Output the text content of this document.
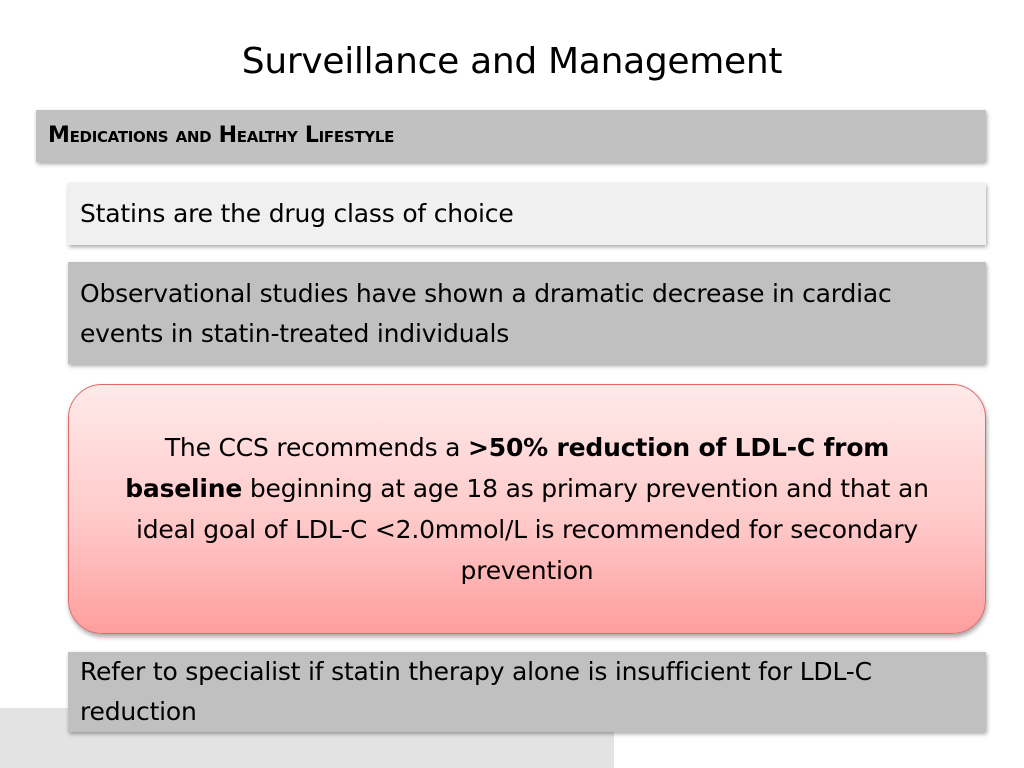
Surveillance and Management
Medications and Healthy Lifestyle
Statins are the drug class of choice
Observational studies have shown a dramatic decrease in cardiac events in statin-treated individuals
The CCS recommends a >50% reduction of LDL-C from baseline beginning at age 18 as primary prevention and that an ideal goal of LDL-C <2.0mmol/L is recommended for secondary prevention
Refer to specialist if statin therapy alone is insufficient for LDL-C reduction
